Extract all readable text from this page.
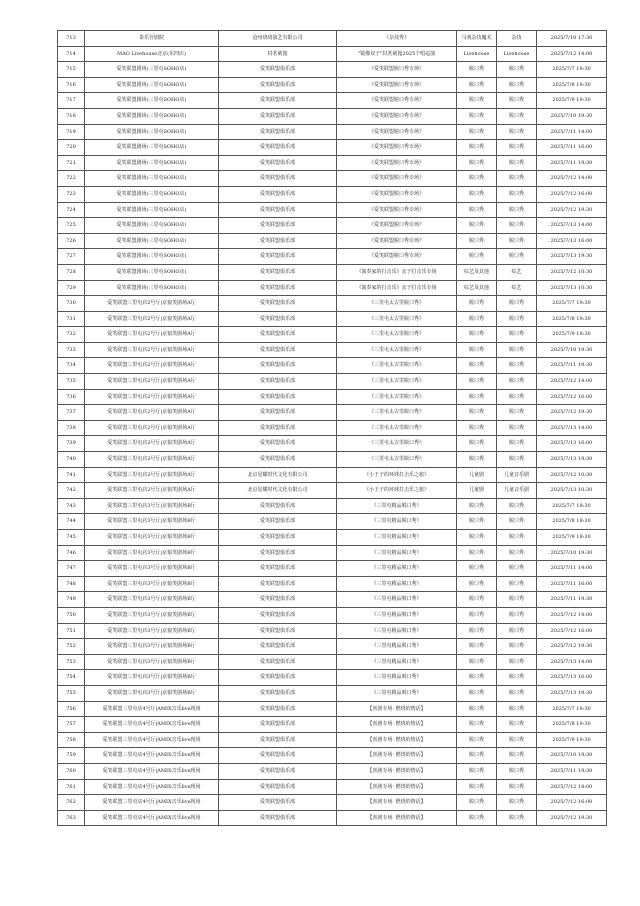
713	泰乐宫剧院	沧州烧琦演艺有限公司	《杂技秀》	马戏杂技魔术	杂技	2025/7/10 17:30
714	MAO Livehouse北京(东四店)	封茗葳篦	"镜像双子"封茗葳篦2025个唱巡演	Livehouse	Livehouse	2025/7/12 14:00
715	爱笑联盟剧场(三里屯SOHO店)	爱笑联盟俱乐部	《爱笑联盟脱口秀专场》	脱口秀	脱口秀	2025/7/7 19:30
716	爱笑联盟剧场(三里屯SOHO店)	爱笑联盟俱乐部	《爱笑联盟脱口秀专场》	脱口秀	脱口秀	2025/7/8 19:30
717	爱笑联盟剧场(三里屯SOHO店)	爱笑联盟俱乐部	《爱笑联盟脱口秀专场》	脱口秀	脱口秀	2025/7/9 19:30
718	爱笑联盟剧场(三里屯SOHO店)	爱笑联盟俱乐部	《爱笑联盟脱口秀专场》	脱口秀	脱口秀	2025/7/10 19:30
719	爱笑联盟剧场(三里屯SOHO店)	爱笑联盟俱乐部	《爱笑联盟脱口秀专场》	脱口秀	脱口秀	2025/7/11 14:00
720	爱笑联盟剧场(三里屯SOHO店)	爱笑联盟俱乐部	《爱笑联盟脱口秀专场》	脱口秀	脱口秀	2025/7/11 16:00
721	爱笑联盟剧场(三里屯SOHO店)	爱笑联盟俱乐部	《爱笑联盟脱口秀专场》	脱口秀	脱口秀	2025/7/11 19:30
722	爱笑联盟剧场(三里屯SOHO店)	爱笑联盟俱乐部	《爱笑联盟脱口秀专场》	脱口秀	脱口秀	2025/7/12 14:00
723	爱笑联盟剧场(三里屯SOHO店)	爱笑联盟俱乐部	《爱笑联盟脱口秀专场》	脱口秀	脱口秀	2025/7/12 16:00
724	爱笑联盟剧场(三里屯SOHO店)	爱笑联盟俱乐部	《爱笑联盟脱口秀专场》	脱口秀	脱口秀	2025/7/12 19:30
725	爱笑联盟剧场(三里屯SOHO店)	爱笑联盟俱乐部	《爱笑联盟脱口秀专场》	脱口秀	脱口秀	2025/7/13 14:00
726	爱笑联盟剧场(三里屯SOHO店)	爱笑联盟俱乐部	《爱笑联盟脱口秀专场》	脱口秀	脱口秀	2025/7/13 16:00
727	爱笑联盟剧场(三里屯SOHO店)	爱笑联盟俱乐部	《爱笑联盟脱口秀专场》	脱口秀	脱口秀	2025/7/13 19:30
728	爱笑联盟剧场(三里屯SOHO店)	爱笑联盟俱乐部	《演奏家的打击乐》亲子打击乐专场	综艺及其他	综艺	2025/7/12 10:30
729	爱笑联盟剧场(三里屯SOHO店)	爱笑联盟俱乐部	《演奏家的打击乐》亲子打击乐专场	综艺及其他	综艺	2025/7/13 10:30
730	爱笑联盟三里屯店2号厅|京狼笑剧场A厅	爱笑联盟俱乐部	《三里屯太古里脱口秀》	脱口秀	脱口秀	2025/7/7 19:30
731	爱笑联盟三里屯店2号厅|京狼笑剧场A厅	爱笑联盟俱乐部	《三里屯太古里脱口秀》	脱口秀	脱口秀	2025/7/8 19:30
732	爱笑联盟三里屯店2号厅|京狼笑剧场A厅	爱笑联盟俱乐部	《三里屯太古里脱口秀》	脱口秀	脱口秀	2025/7/9 19:30
733	爱笑联盟三里屯店2号厅|京狼笑剧场A厅	爱笑联盟俱乐部	《三里屯太古里脱口秀》	脱口秀	脱口秀	2025/7/10 19:30
734	爱笑联盟三里屯店2号厅|京狼笑剧场A厅	爱笑联盟俱乐部	《三里屯太古里脱口秀》	脱口秀	脱口秀	2025/7/11 19:30
735	爱笑联盟三里屯店2号厅|京狼笑剧场A厅	爱笑联盟俱乐部	《三里屯太古里脱口秀》	脱口秀	脱口秀	2025/7/12 14:00
736	爱笑联盟三里屯店2号厅|京狼笑剧场A厅	爱笑联盟俱乐部	《三里屯太古里脱口秀》	脱口秀	脱口秀	2025/7/12 16:00
737	爱笑联盟三里屯店2号厅|京狼笑剧场A厅	爱笑联盟俱乐部	《三里屯太古里脱口秀》	脱口秀	脱口秀	2025/7/12 19:30
738	爱笑联盟三里屯店2号厅|京狼笑剧场A厅	爱笑联盟俱乐部	《三里屯太古里脱口秀》	脱口秀	脱口秀	2025/7/13 14:00
739	爱笑联盟三里屯店2号厅|京狼笑剧场A厅	爱笑联盟俱乐部	《三里屯太古里脱口秀》	脱口秀	脱口秀	2025/7/13 16:00
740	爱笑联盟三里屯店2号厅|京狼笑剧场A厅	爱笑联盟俱乐部	《三里屯太古里脱口秀》	脱口秀	脱口秀	2025/7/13 19:30
741	爱笑联盟三里屯店2号厅|京狼笑剧场A厅	北京星耀时代文化有限公司	《小王子的环球打击乐之旅》	儿童剧	儿童音乐剧	2025/7/12 10:30
742	爱笑联盟三里屯店2号厅|京狼笑剧场A厅	北京星耀时代文化有限公司	《小王子的环球打击乐之旅》	儿童剧	儿童音乐剧	2025/7/13 10:30
743	爱笑联盟三里屯店3号厅|京狼笑剧场B厅	爱笑联盟俱乐部	《三里屯精品脱口秀》	脱口秀	脱口秀	2025/7/7 19:30
744	爱笑联盟三里屯店3号厅|京狼笑剧场B厅	爱笑联盟俱乐部	《三里屯精品脱口秀》	脱口秀	脱口秀	2025/7/8 19:30
745	爱笑联盟三里屯店3号厅|京狼笑剧场B厅	爱笑联盟俱乐部	《三里屯精品脱口秀》	脱口秀	脱口秀	2025/7/9 19:30
746	爱笑联盟三里屯店3号厅|京狼笑剧场B厅	爱笑联盟俱乐部	《三里屯精品脱口秀》	脱口秀	脱口秀	2025/7/10 19:30
747	爱笑联盟三里屯店3号厅|京狼笑剧场B厅	爱笑联盟俱乐部	《三里屯精品脱口秀》	脱口秀	脱口秀	2025/7/11 14:00
748	爱笑联盟三里屯店3号厅|京狼笑剧场B厅	爱笑联盟俱乐部	《三里屯精品脱口秀》	脱口秀	脱口秀	2025/7/11 16:00
749	爱笑联盟三里屯店3号厅|京狼笑剧场B厅	爱笑联盟俱乐部	《三里屯精品脱口秀》	脱口秀	脱口秀	2025/7/11 19:30
750	爱笑联盟三里屯店3号厅|京狼笑剧场B厅	爱笑联盟俱乐部	《三里屯精品脱口秀》	脱口秀	脱口秀	2025/7/12 14:00
751	爱笑联盟三里屯店3号厅|京狼笑剧场B厅	爱笑联盟俱乐部	《三里屯精品脱口秀》	脱口秀	脱口秀	2025/7/12 16:00
752	爱笑联盟三里屯店3号厅|京狼笑剧场B厅	爱笑联盟俱乐部	《三里屯精品脱口秀》	脱口秀	脱口秀	2025/7/12 19:30
753	爱笑联盟三里屯店3号厅|京狼笑剧场B厅	爱笑联盟俱乐部	《三里屯精品脱口秀》	脱口秀	脱口秀	2025/7/13 14:00
754	爱笑联盟三里屯店3号厅|京狼笑剧场B厅	爱笑联盟俱乐部	《三里屯精品脱口秀》	脱口秀	脱口秀	2025/7/13 16:00
755	爱笑联盟三里屯店3号厅|京狼笑剧场B厅	爱笑联盟俱乐部	《三里屯精品脱口秀》	脱口秀	脱口秀	2025/7/13 19:30
756	爱笑联盟三里屯店4号厅|AMIX音乐live现场	爱笑联盟俱乐部	【喜剧专场· 燃烧的情话】	脱口秀	脱口秀	2025/7/7 19:30
757	爱笑联盟三里屯店4号厅|AMIX音乐live现场	爱笑联盟俱乐部	【喜剧专场· 燃烧的情话】	脱口秀	脱口秀	2025/7/8 19:30
758	爱笑联盟三里屯店4号厅|AMIX音乐live现场	爱笑联盟俱乐部	【喜剧专场· 燃烧的情话】	脱口秀	脱口秀	2025/7/9 19:30
759	爱笑联盟三里屯店4号厅|AMIX音乐live现场	爱笑联盟俱乐部	【喜剧专场· 燃烧的情话】	脱口秀	脱口秀	2025/7/10 19:30
760	爱笑联盟三里屯店4号厅|AMIX音乐live现场	爱笑联盟俱乐部	【喜剧专场· 燃烧的情话】	脱口秀	脱口秀	2025/7/11 19:30
761	爱笑联盟三里屯店4号厅|AMIX音乐live现场	爱笑联盟俱乐部	【喜剧专场· 燃烧的情话】	脱口秀	脱口秀	2025/7/12 14:00
762	爱笑联盟三里屯店4号厅|AMIX音乐live现场	爱笑联盟俱乐部	【喜剧专场· 燃烧的情话】	脱口秀	脱口秀	2025/7/12 16:00
763	爱笑联盟三里屯店4号厅|AMIX音乐live现场	爱笑联盟俱乐部	【喜剧专场· 燃烧的情话】	脱口秀	脱口秀	2025/7/12 19:30
